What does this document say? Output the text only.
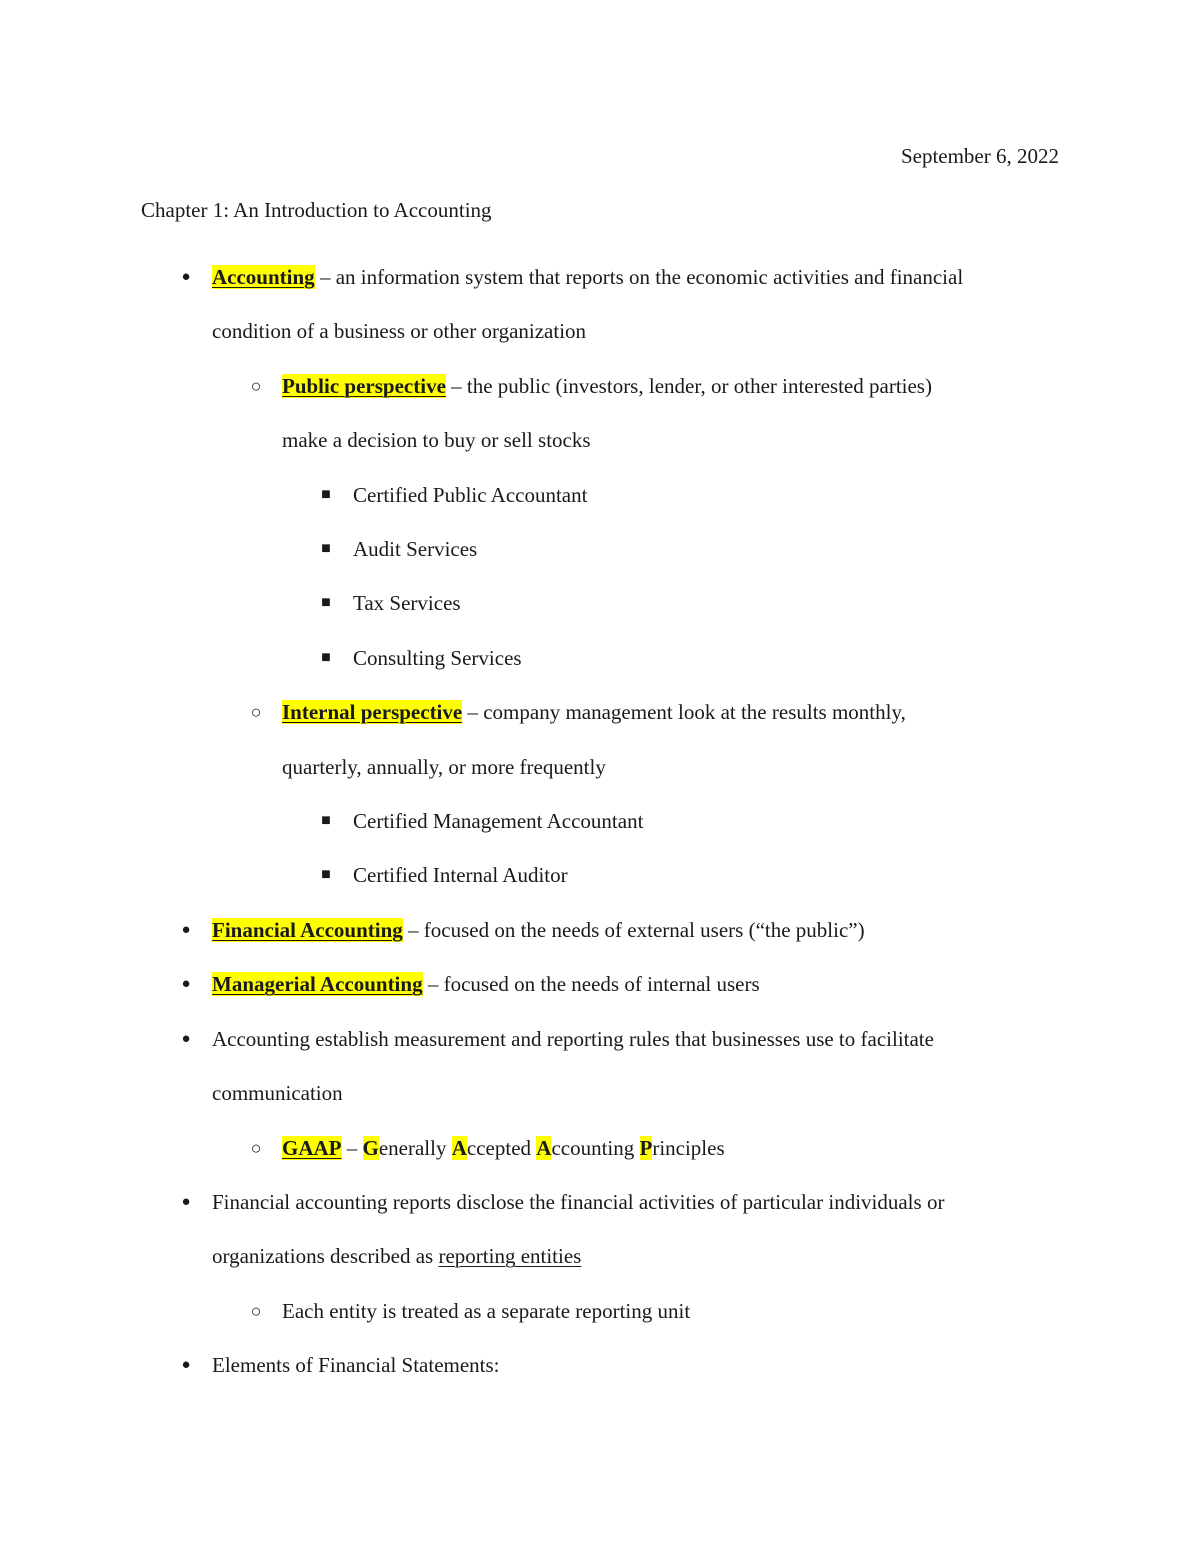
September 6, 2022
Chapter 1: An Introduction to Accounting
●	Accounting – an information system that reports on the economic activities and financial
condition of a business or other organization
○ Public perspective – the public (investors, lender, or other interested parties)
make a decision to buy or sell stocks
■	Certified Public Accountant
■	Audit Services
■	Tax Services
■	Consulting Services
○ Internal perspective – company management look at the results monthly,
quarterly, annually, or more frequently
■	Certified Management Accountant
■	Certified Internal Auditor
●	Financial Accounting – focused on the needs of external users (“the public”)
●	Managerial Accounting – focused on the needs of internal users
●	Accounting establish measurement and reporting rules that businesses use to facilitate
communication
○ GAAP – Generally Accepted Accounting Principles
●	Financial accounting reports disclose the financial activities of particular individuals or
organizations described as reporting entities
○ Each entity is treated as a separate reporting unit
●	Elements of Financial Statements:
